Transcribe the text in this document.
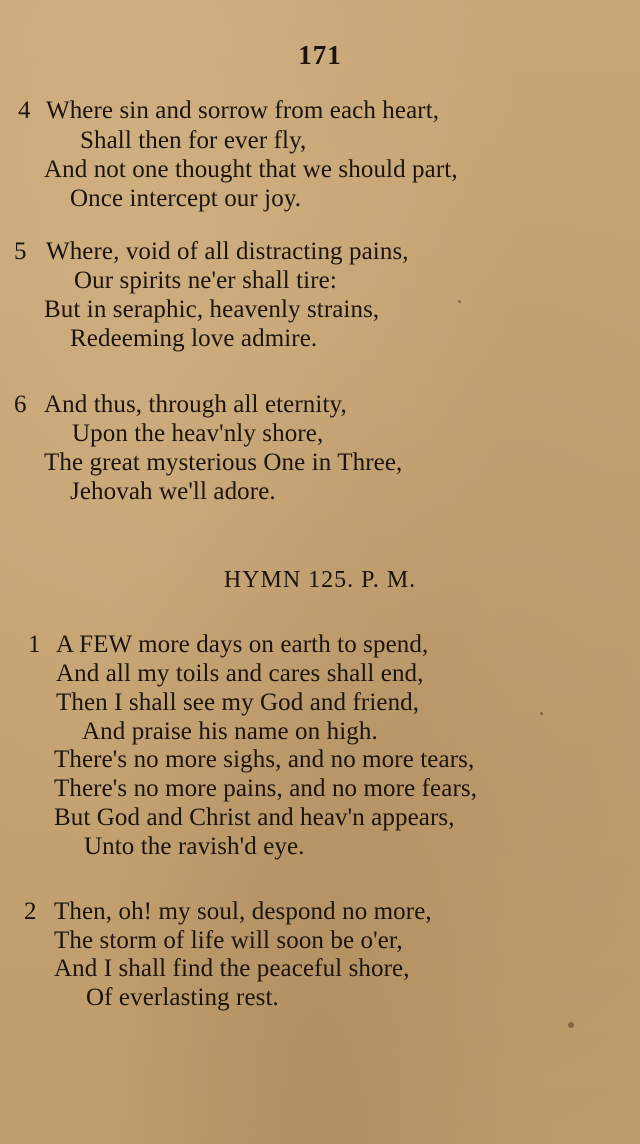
171
4 Where sin and sorrow from each heart,
Shall then for ever fly,
And not one thought that we should part,
Once intercept our joy.
5 Where, void of all distracting pains,
Our spirits ne'er shall tire:
But in seraphic, heavenly strains,
Redeeming love admire.
6 And thus, through all eternity,
Upon the heav'nly shore,
The great mysterious One in Three,
Jehovah we'll adore.
HYMN 125. P. M.
1 A FEW more days on earth to spend,
And all my toils and cares shall end,
Then I shall see my God and friend,
And praise his name on high.
There's no more sighs, and no more tears,
There's no more pains, and no more fears,
But God and Christ and heav'n appears,
Unto the ravish'd eye.
2 Then, oh! my soul, despond no more,
The storm of life will soon be o'er,
And I shall find the peaceful shore,
Of everlasting rest.
